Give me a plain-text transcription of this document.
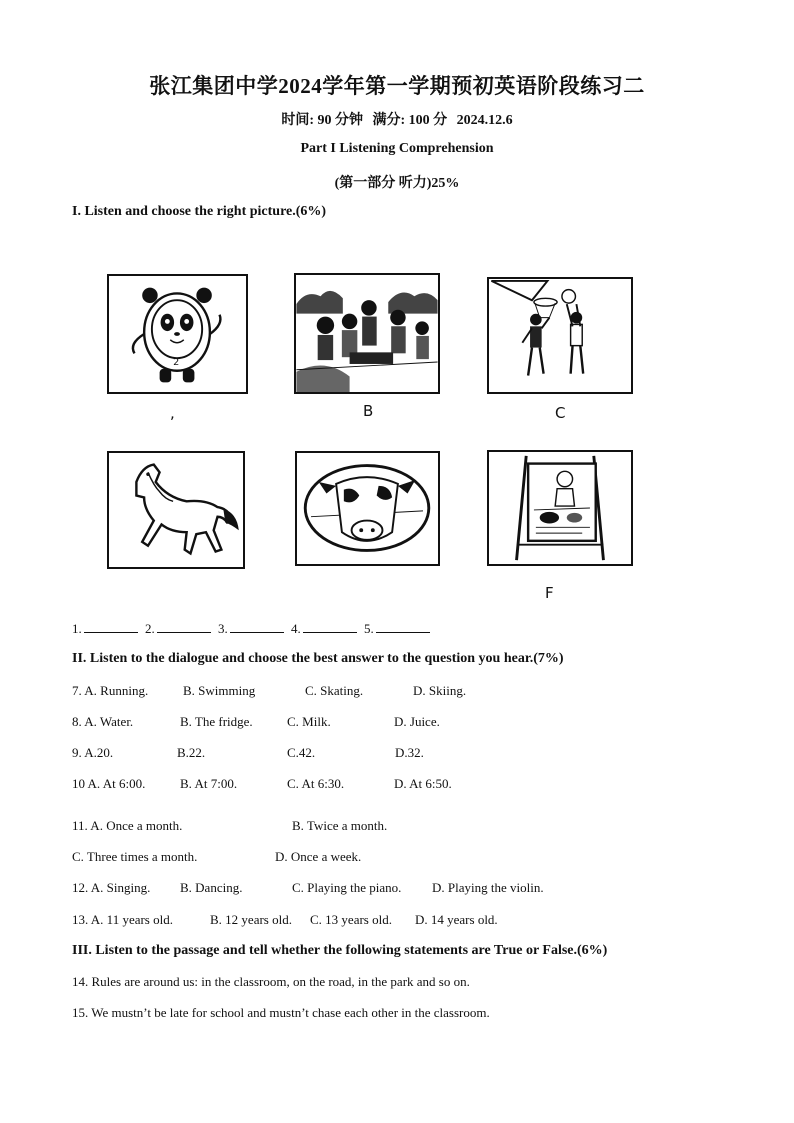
张江集团中学2024学年第一学期预初英语阶段练习二
时间: 90 分钟 满分: 100 分 2024.12.6
Part I Listening Comprehension
(第一部分 听力)25%
I. Listen and choose the right picture.(6%)
2
,	B	C
F
1.	2.	3.	4.	5.
II. Listen to the dialogue and choose the best answer to the question you hear.(7%)
7. A. Running.	B. Swimming	C. Skating.	D. Skiing.
8. A. Water.	B. The fridge.	C. Milk.	D. Juice.
9. A.20.	B.22.	C.42.	D.32.
10 A. At 6:00.	B. At 7:00.	C. At 6:30.	D. At 6:50.
11. A. Once a month.	B. Twice a month.
C. Three times a month.	D. Once a week.
12. A. Singing. B. Dancing.	C. Playing the piano. D. Playing the violin.
13. A. 11 years old.	B. 12 years old. C. 13 years old. D. 14 years old.
III. Listen to the passage and tell whether the following statements are True or False.(6%)
14. Rules are around us: in the classroom, on the road, in the park and so on.
15. We mustn’t be late for school and mustn’t chase each other in the classroom.
